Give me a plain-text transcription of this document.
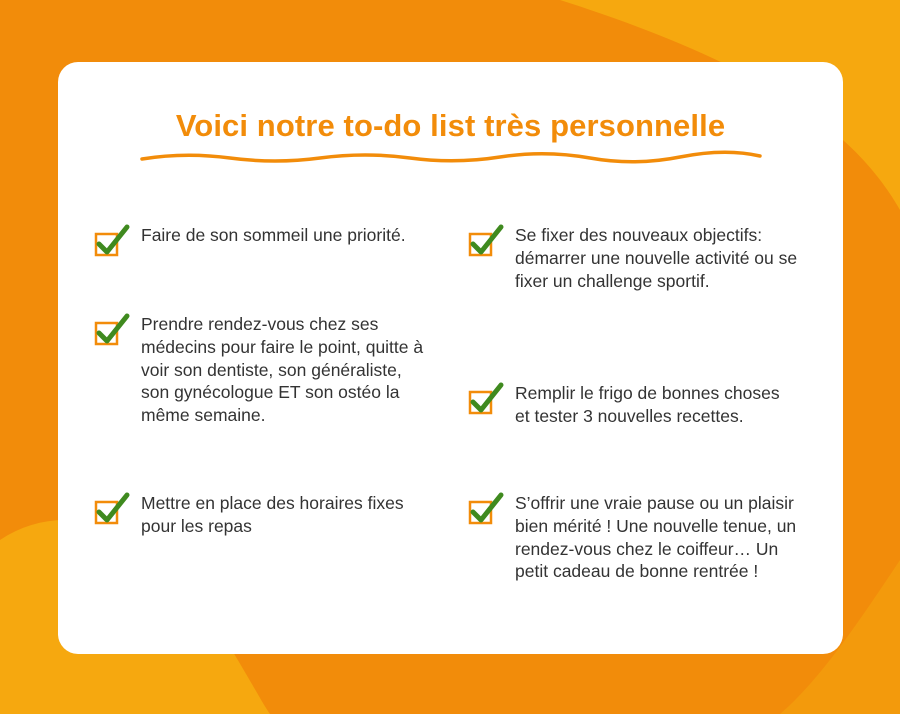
Voici notre to-do list très personnelle

Faire de son sommeil une priorité.

Prendre rendez-vous chez ses médecins pour faire le point, quitte à voir son dentiste, son généraliste, son gynécologue ET son ostéo la même semaine.

Mettre en place des horaires fixes pour les repas

Se fixer des nouveaux objectifs: démarrer une nouvelle activité ou se fixer un challenge sportif.

Remplir le frigo de bonnes choses et tester 3 nouvelles recettes.

S’offrir une vraie pause ou un plaisir bien mérité ! Une nouvelle tenue, un rendez-vous chez le coiffeur… Un petit cadeau de bonne rentrée !
